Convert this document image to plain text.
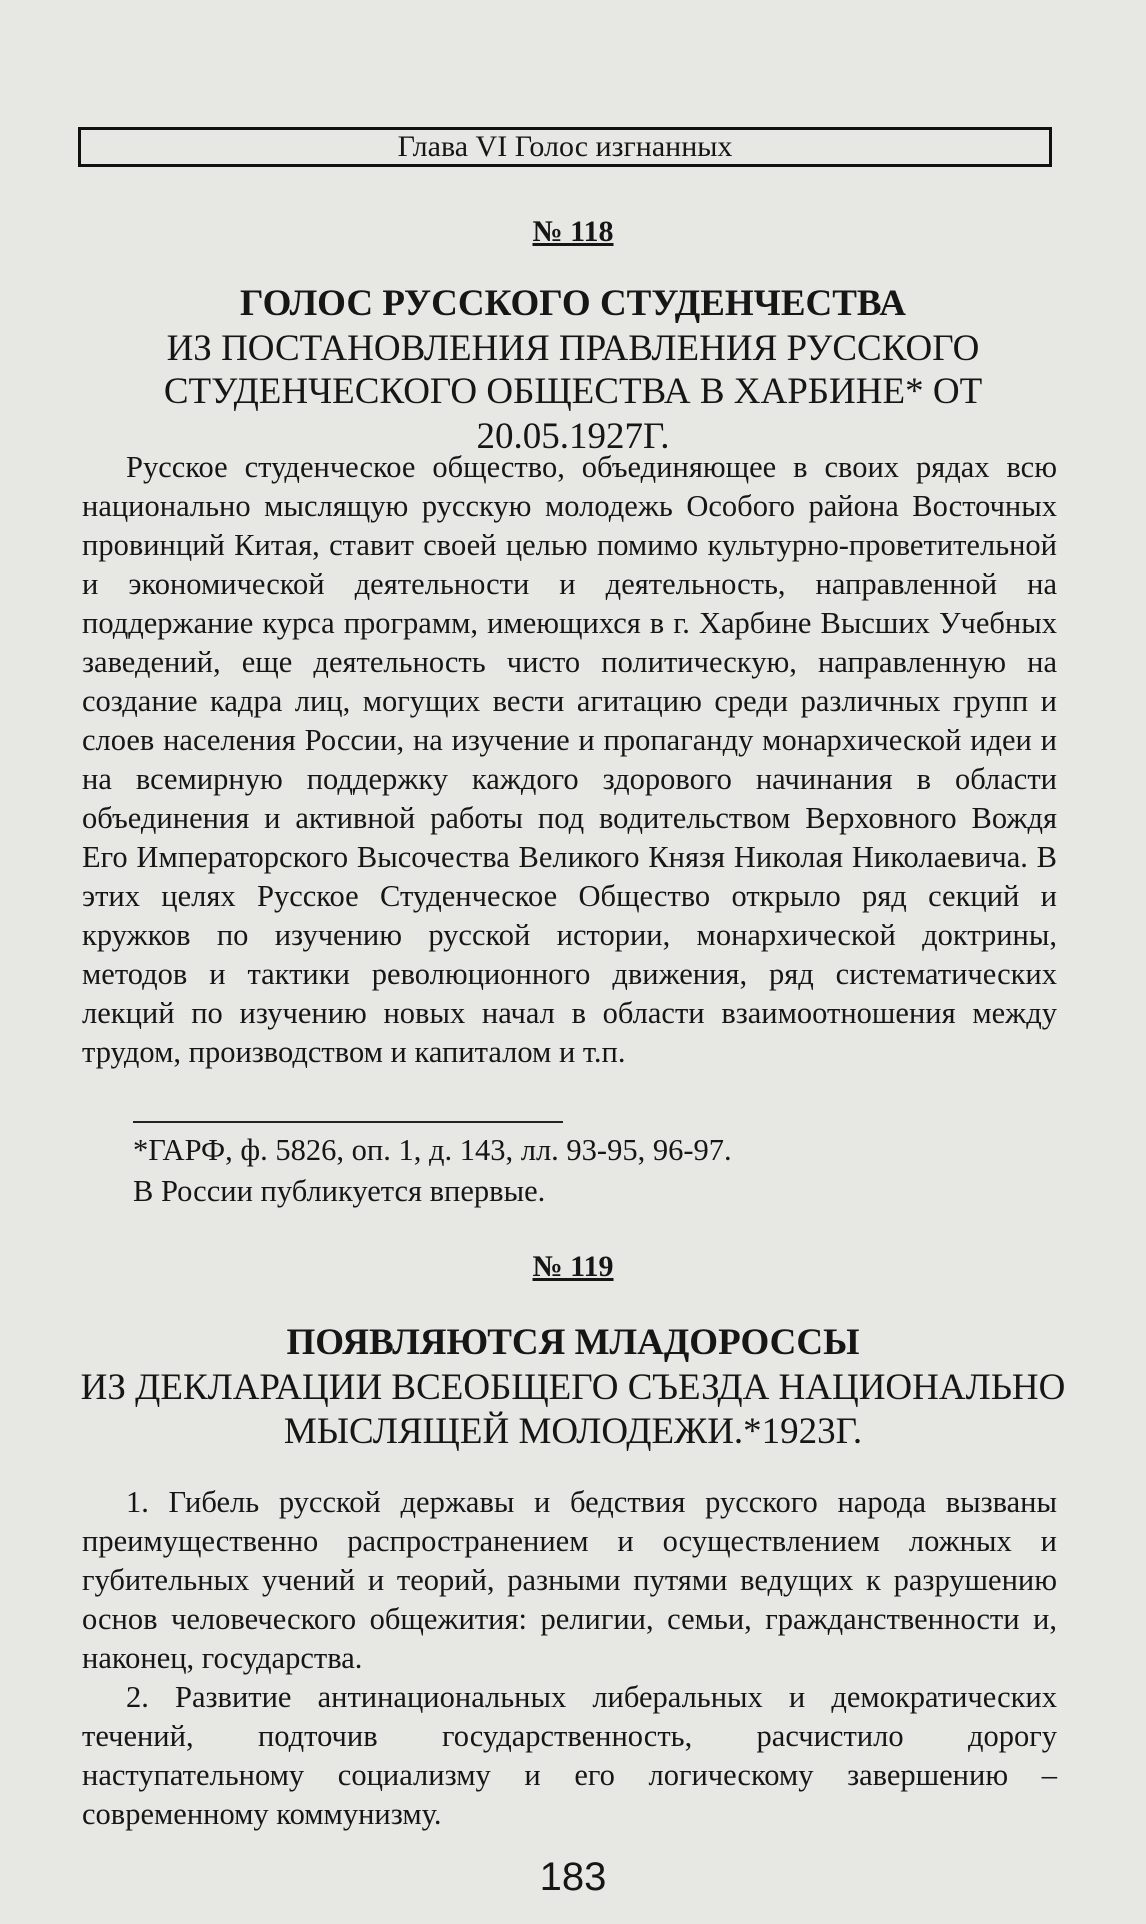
Глава VI Голос изгнанных
№ 118
ГОЛОС РУССКОГО СТУДЕНЧЕСТВА
ИЗ ПОСТАНОВЛЕНИЯ ПРАВЛЕНИЯ РУССКОГО
СТУДЕНЧЕСКОГО ОБЩЕСТВА В ХАРБИНЕ* ОТ 20.05.1927Г.

Русское студенческое общество, объединяющее в своих рядах всю национально мыслящую русскую молодежь Особого района Восточных провинций Китая, ставит своей целью помимо культурно-проветительной и экономической деятельности и деятельность, направленной на поддержание курса программ, имеющихся в г. Харбине Высших Учебных заведений, еще деятельность чисто политическую, направленную на создание кадра лиц, могущих вести агитацию среди различных групп и слоев населения России, на изучение и пропаганду монархической идеи и на всемирную поддержку каждого здорового начинания в области объединения и активной работы под водительством Верховного Вождя Его Императорского Высочества Великого Князя Николая Николаевича. В этих целях Русское Студенческое Общество открыло ряд секций и кружков по изучению русской истории, монархической доктрины, методов и тактики революционного движения, ряд систематических лекций по изучению новых начал в области взаимоотношения между трудом, производством и капиталом и т.п.

*ГАРФ, ф. 5826, оп. 1, д. 143, лл. 93-95, 96-97.
В России публикуется впервые.
№ 119
ПОЯВЛЯЮТСЯ МЛАДОРОССЫ
ИЗ ДЕКЛАРАЦИИ ВСЕОБЩЕГО СЪЕЗДА НАЦИОНАЛЬНО
МЫСЛЯЩЕЙ МОЛОДЕЖИ.*1923Г.

1. Гибель русской державы и бедствия русского народа вызваны преимущественно распространением и осуществлением ложных и губительных учений и теорий, разными путями ведущих к разрушению основ человеческого общежития: религии, семьи, гражданственности и, наконец, государства.

2. Развитие антинациональных либеральных и демократических течений, подточив государственность, расчистило дорогу наступательному социализму и его логическому завершению – современному коммунизму.

183
